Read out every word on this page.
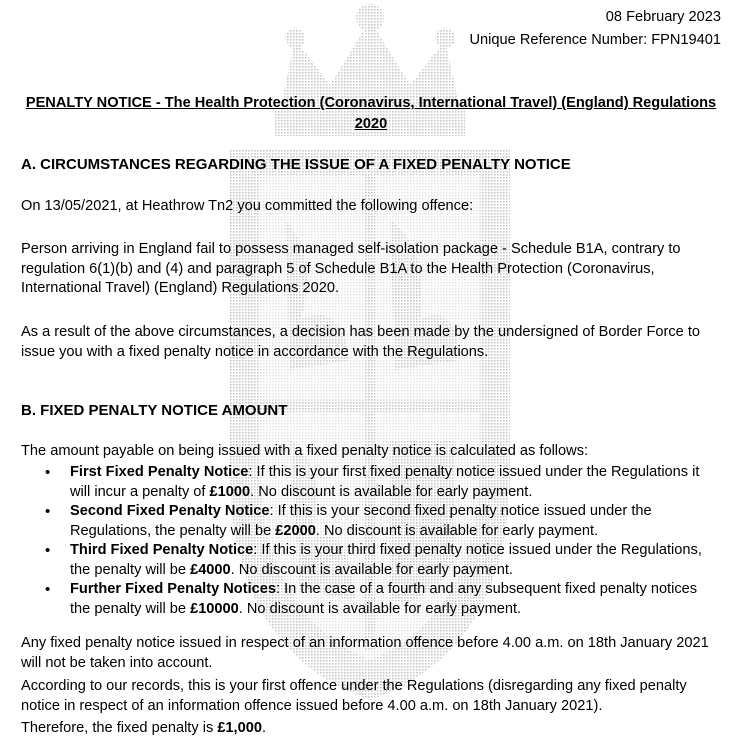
08 February 2023
Unique Reference Number: FPN19401
PENALTY NOTICE - The Health Protection (Coronavirus, International Travel) (England) Regulations 2020
A. CIRCUMSTANCES REGARDING THE ISSUE OF A FIXED PENALTY NOTICE
On 13/05/2021, at Heathrow Tn2 you committed the following offence:
Person arriving in England fail to possess managed self-isolation package - Schedule B1A, contrary to regulation 6(1)(b) and (4) and paragraph 5 of Schedule B1A to the Health Protection (Coronavirus, International Travel) (England) Regulations 2020.
As a result of the above circumstances, a decision has been made by the undersigned of Border Force to issue you with a fixed penalty notice in accordance with the Regulations.
B. FIXED PENALTY NOTICE AMOUNT
The amount payable on being issued with a fixed penalty notice is calculated as follows:
• First Fixed Penalty Notice: If this is your first fixed penalty notice issued under the Regulations it will incur a penalty of £1000. No discount is available for early payment.
• Second Fixed Penalty Notice: If this is your second fixed penalty notice issued under the Regulations, the penalty will be £2000. No discount is available for early payment.
• Third Fixed Penalty Notice: If this is your third fixed penalty notice issued under the Regulations, the penalty will be £4000. No discount is available for early payment.
• Further Fixed Penalty Notices: In the case of a fourth and any subsequent fixed penalty notices the penalty will be £10000. No discount is available for early payment.
Any fixed penalty notice issued in respect of an information offence before 4.00 a.m. on 18th January 2021 will not be taken into account.
According to our records, this is your first offence under the Regulations (disregarding any fixed penalty notice in respect of an information offence issued before 4.00 a.m. on 18th January 2021).
Therefore, the fixed penalty is £1,000.
